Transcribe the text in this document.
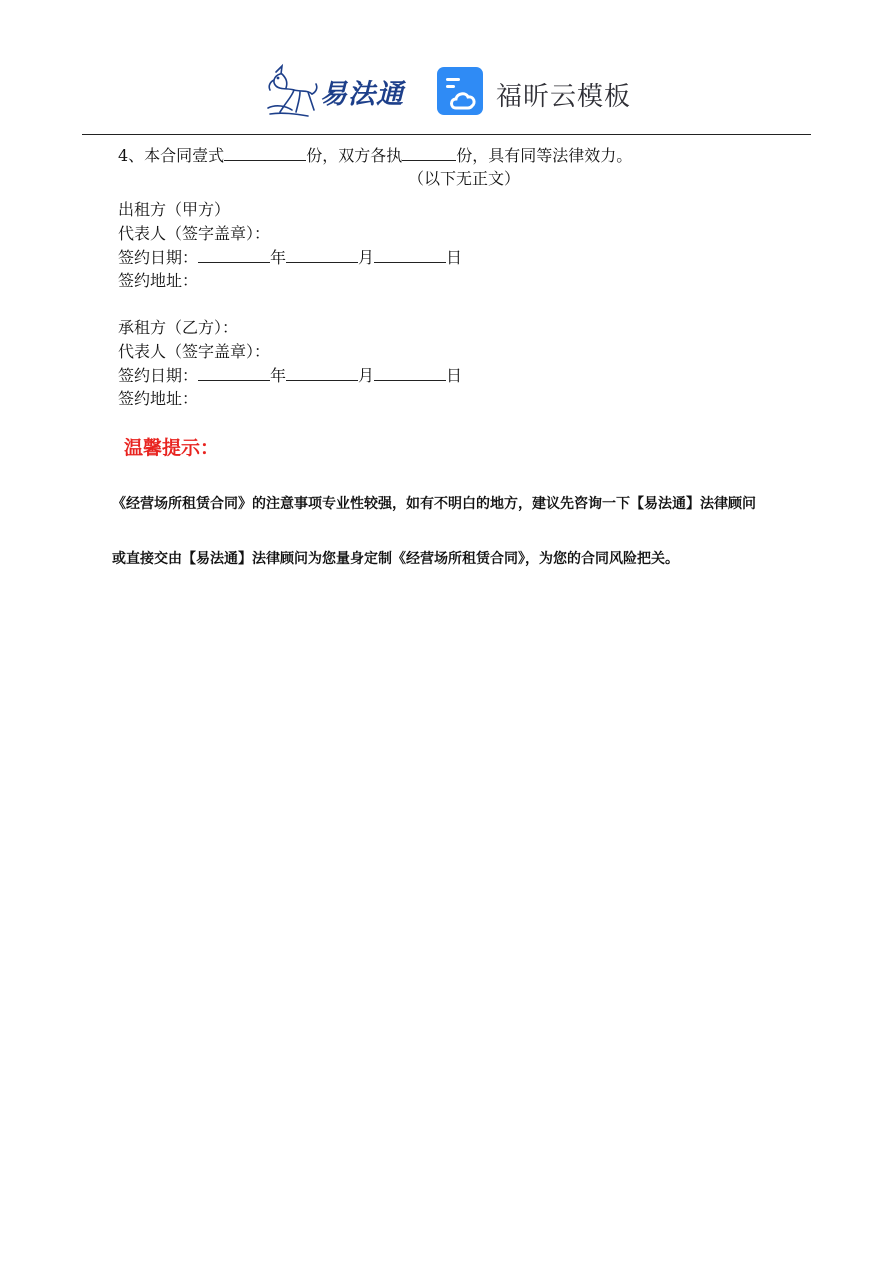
易法通	福昕云模板
4、本合同壹式	份，双方各执	份，具有同等法律效力。
（以下无正文）
出租方（甲方）
代表人（签字盖章）：
签约日期：	年	月	日
签约地址：
承租方（乙方）：
代表人（签字盖章）：
签约日期：	年	月	日
签约地址：
温馨提示：
《经营场所租赁合同》的注意事项专业性较强，如有不明白的地方，建议先咨询一下【易法通】法律顾问
或直接交由【易法通】法律顾问为您量身定制《经营场所租赁合同》，为您的合同风险把关。
